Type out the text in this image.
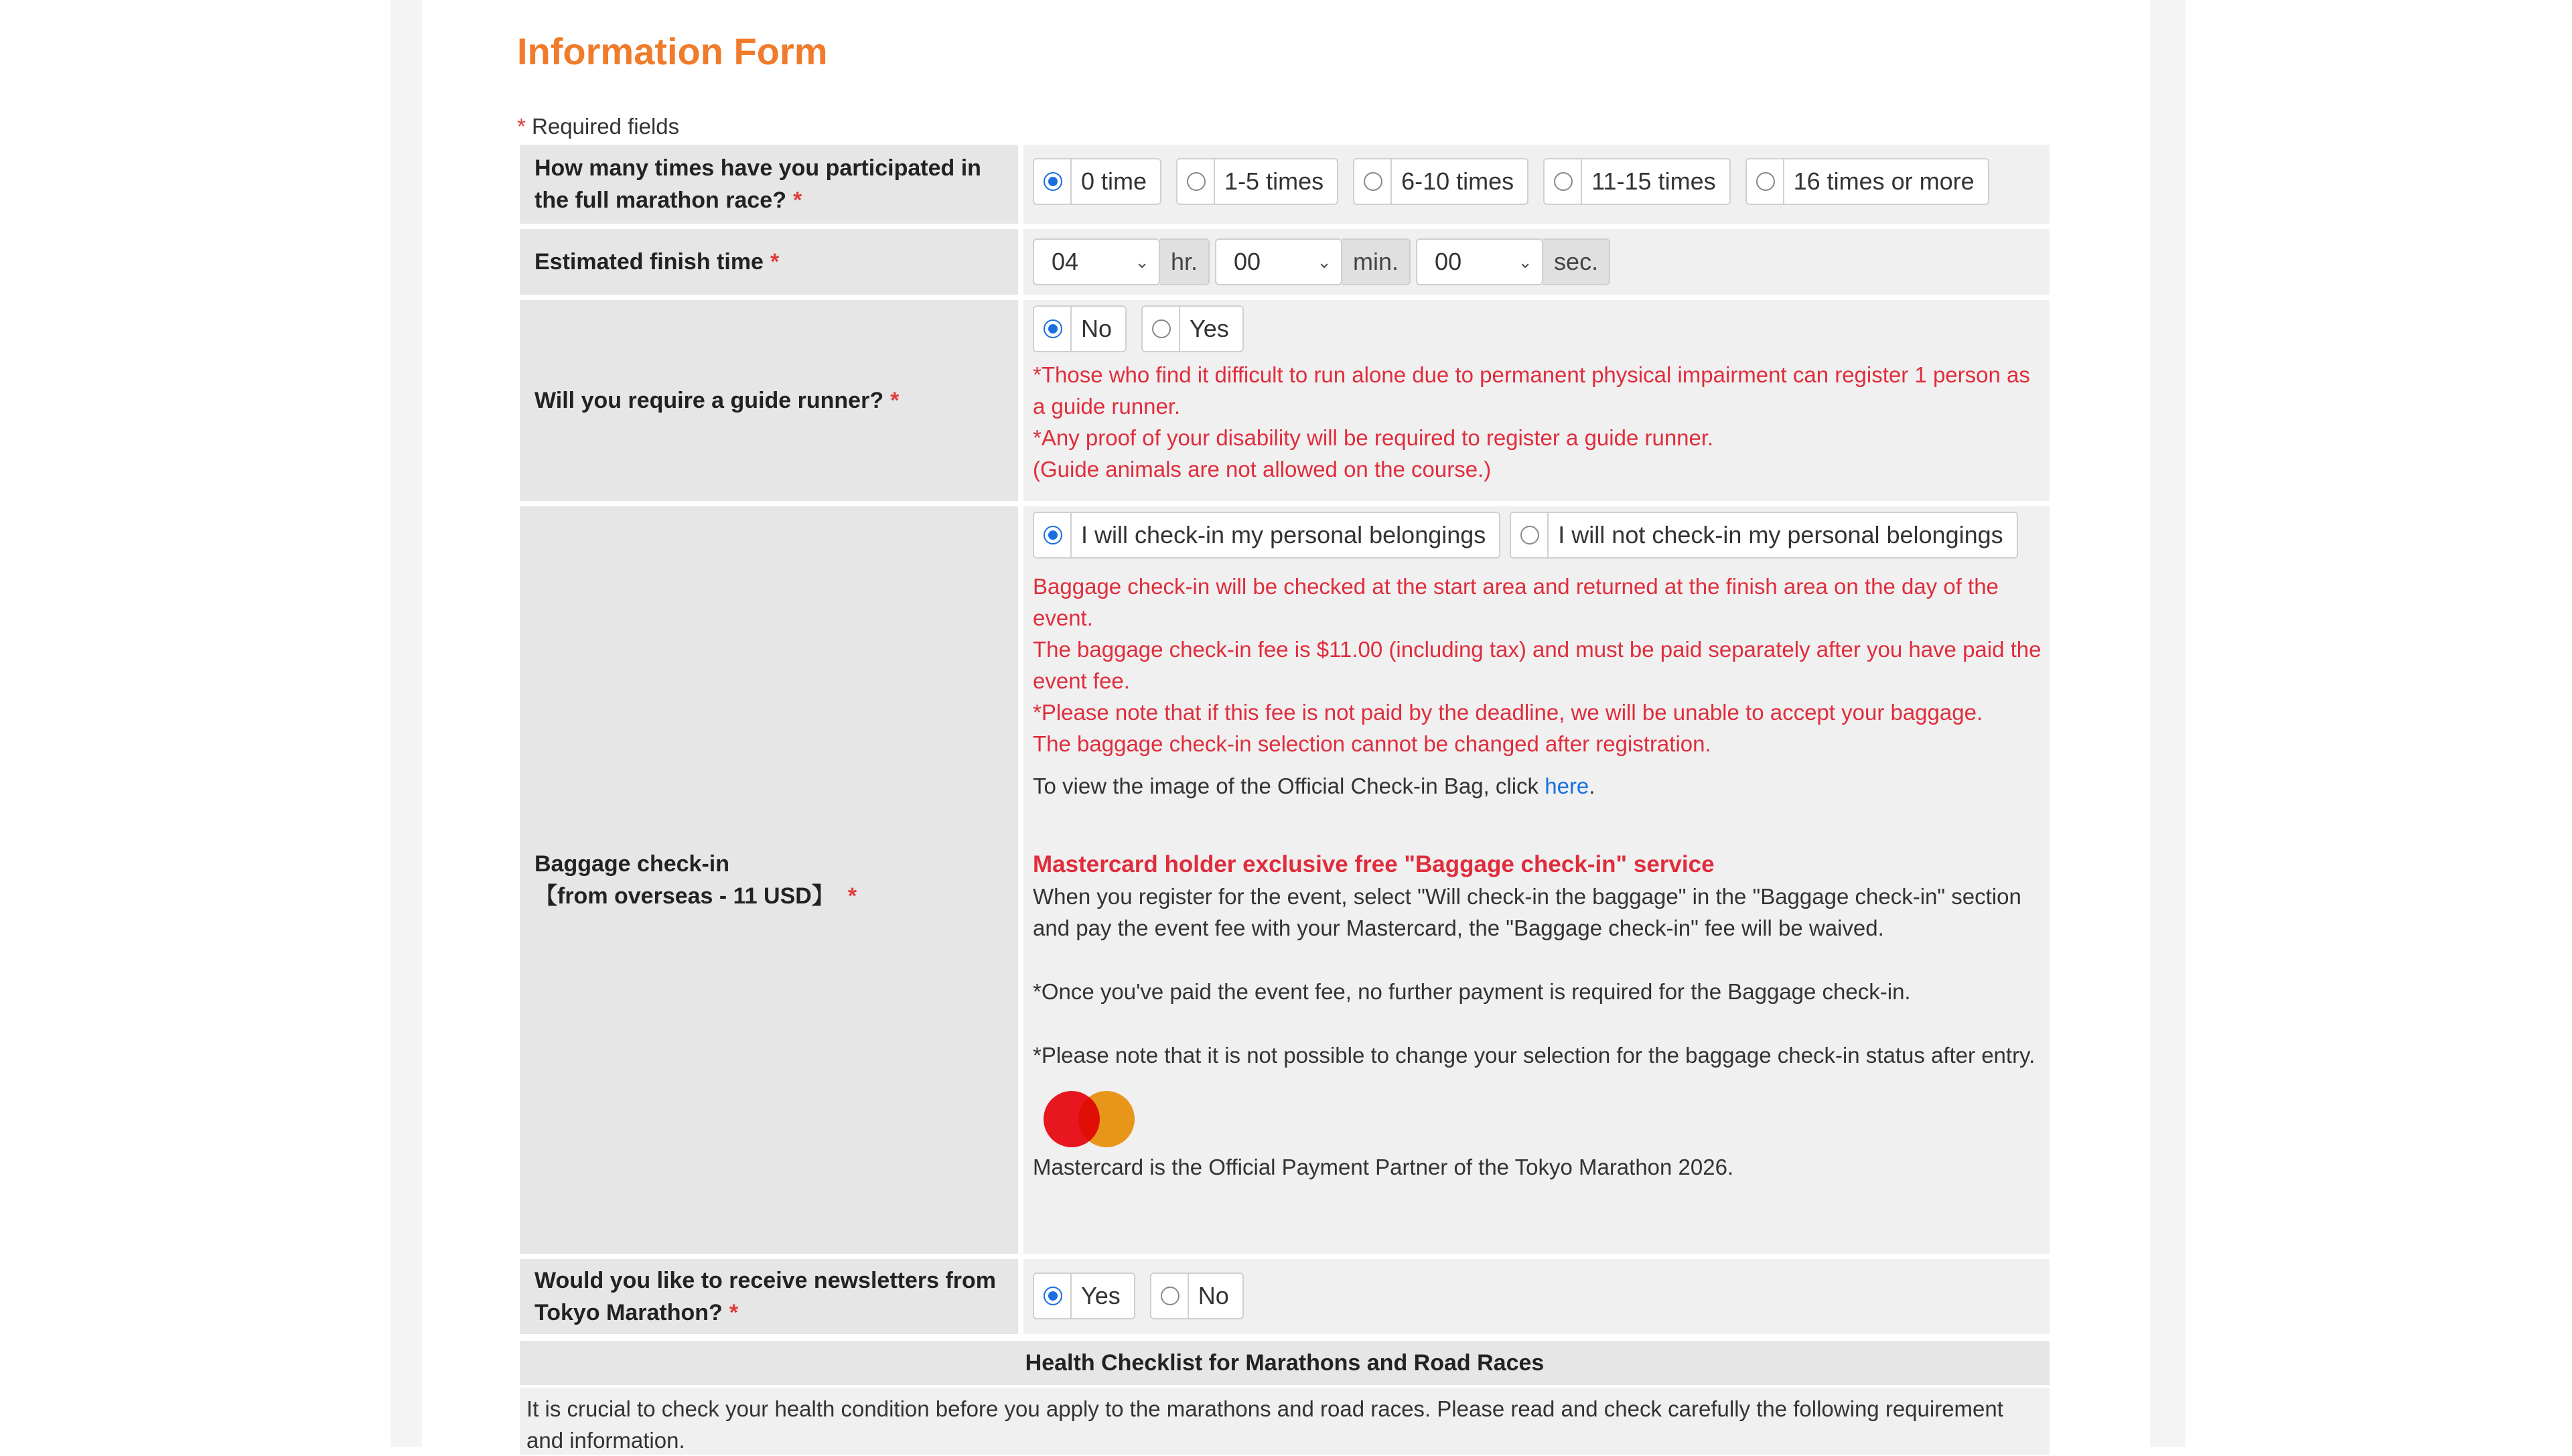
Information Form
* Required fields
How many times have you participated in the full marathon race? *
0 time	1-5 times	6-10 times	11-15 times	16 times or more
Estimated finish time *	04	⌄ hr.	00	⌄ min.	00	⌄ sec.
Will you require a guide runner? *
No	Yes
*Those who find it difficult to run alone due to permanent physical impairment can register 1 person as a guide runner.
*Any proof of your disability will be required to register a guide runner.
(Guide animals are not allowed on the course.)
Baggage check-in
【from overseas - 11 USD】 *
I will check-in my personal belongings	I will not check-in my personal belongings
Baggage check-in will be checked at the start area and returned at the finish area on the day of the event.
The baggage check-in fee is $11.00 (including tax) and must be paid separately after you have paid the event fee.
*Please note that if this fee is not paid by the deadline, we will be unable to accept your baggage.
The baggage check-in selection cannot be changed after registration.
To view the image of the Official Check-in Bag, click here.
Mastercard holder exclusive free "Baggage check-in" service
When you register for the event, select "Will check-in the baggage" in the "Baggage check-in" section and pay the event fee with your Mastercard, the "Baggage check-in" fee will be waived.
*Once you've paid the event fee, no further payment is required for the Baggage check-in.
*Please note that it is not possible to change your selection for the baggage check-in status after entry.
Mastercard is the Official Payment Partner of the Tokyo Marathon 2026.
Would you like to receive newsletters from Tokyo Marathon? *
Yes	No
Health Checklist for Marathons and Road Races
It is crucial to check your health condition before you apply to the marathons and road races. Please read and check carefully the following requirement and information.
